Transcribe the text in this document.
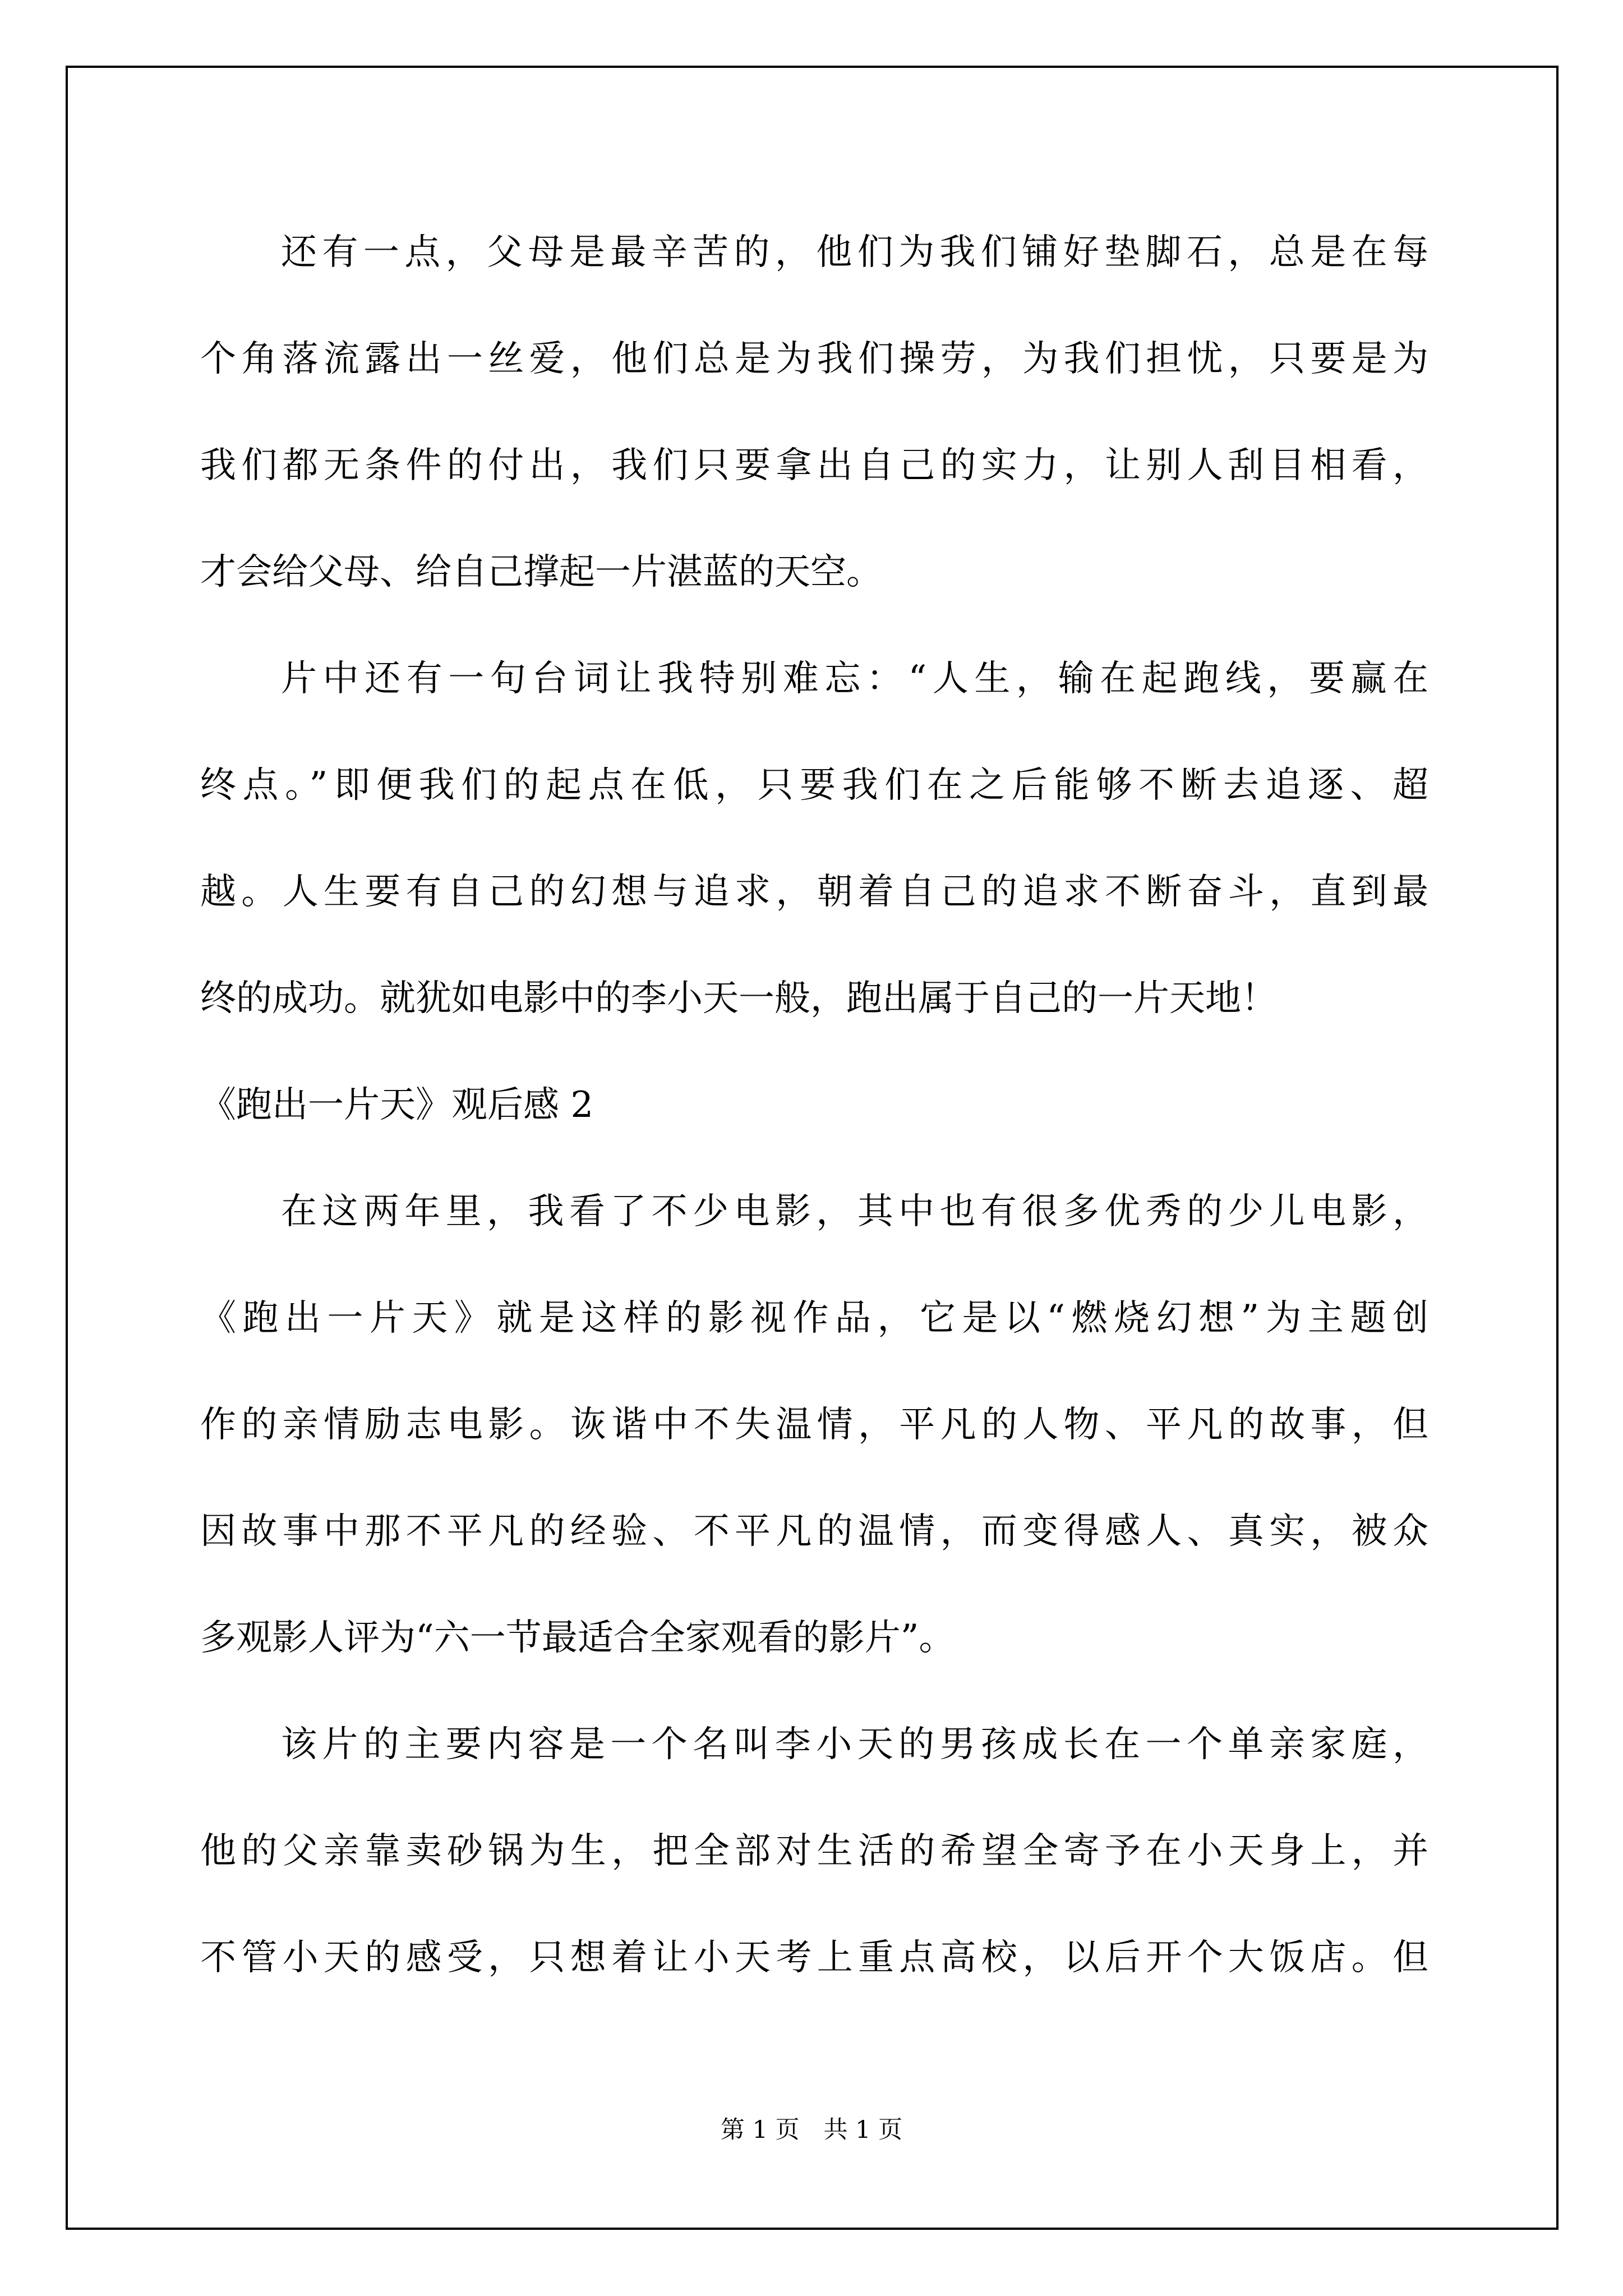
还有一点，父母是最辛苦的，他们为我们铺好垫脚石，总是在每
个角落流露出一丝爱，他们总是为我们操劳，为我们担忧，只要是为
我们都无条件的付出，我们只要拿出自己的实力，让别人刮目相看，
才会给父母、给自己撑起一片湛蓝的天空。
片中还有一句台词让我特别难忘：“人生，输在起跑线，要赢在
终点。”即便我们的起点在低，只要我们在之后能够不断去追逐、超
越。人生要有自己的幻想与追求，朝着自己的追求不断奋斗，直到最
终的成功。就犹如电影中的李小天一般，跑出属于自己的一片天地！
《跑出一片天》观后感 2
在这两年里，我看了不少电影，其中也有很多优秀的少儿电影，
《跑出一片天》就是这样的影视作品，它是以“燃烧幻想”为主题创
作的亲情励志电影。诙谐中不失温情，平凡的人物、平凡的故事，但
因故事中那不平凡的经验、不平凡的温情，而变得感人、真实，被众
多观影人评为“六一节最适合全家观看的影片”。
该片的主要内容是一个名叫李小天的男孩成长在一个单亲家庭，
他的父亲靠卖砂锅为生，把全部对生活的希望全寄予在小天身上，并
不管小天的感受，只想着让小天考上重点高校，以后开个大饭店。但
第 1 页　共 1 页
